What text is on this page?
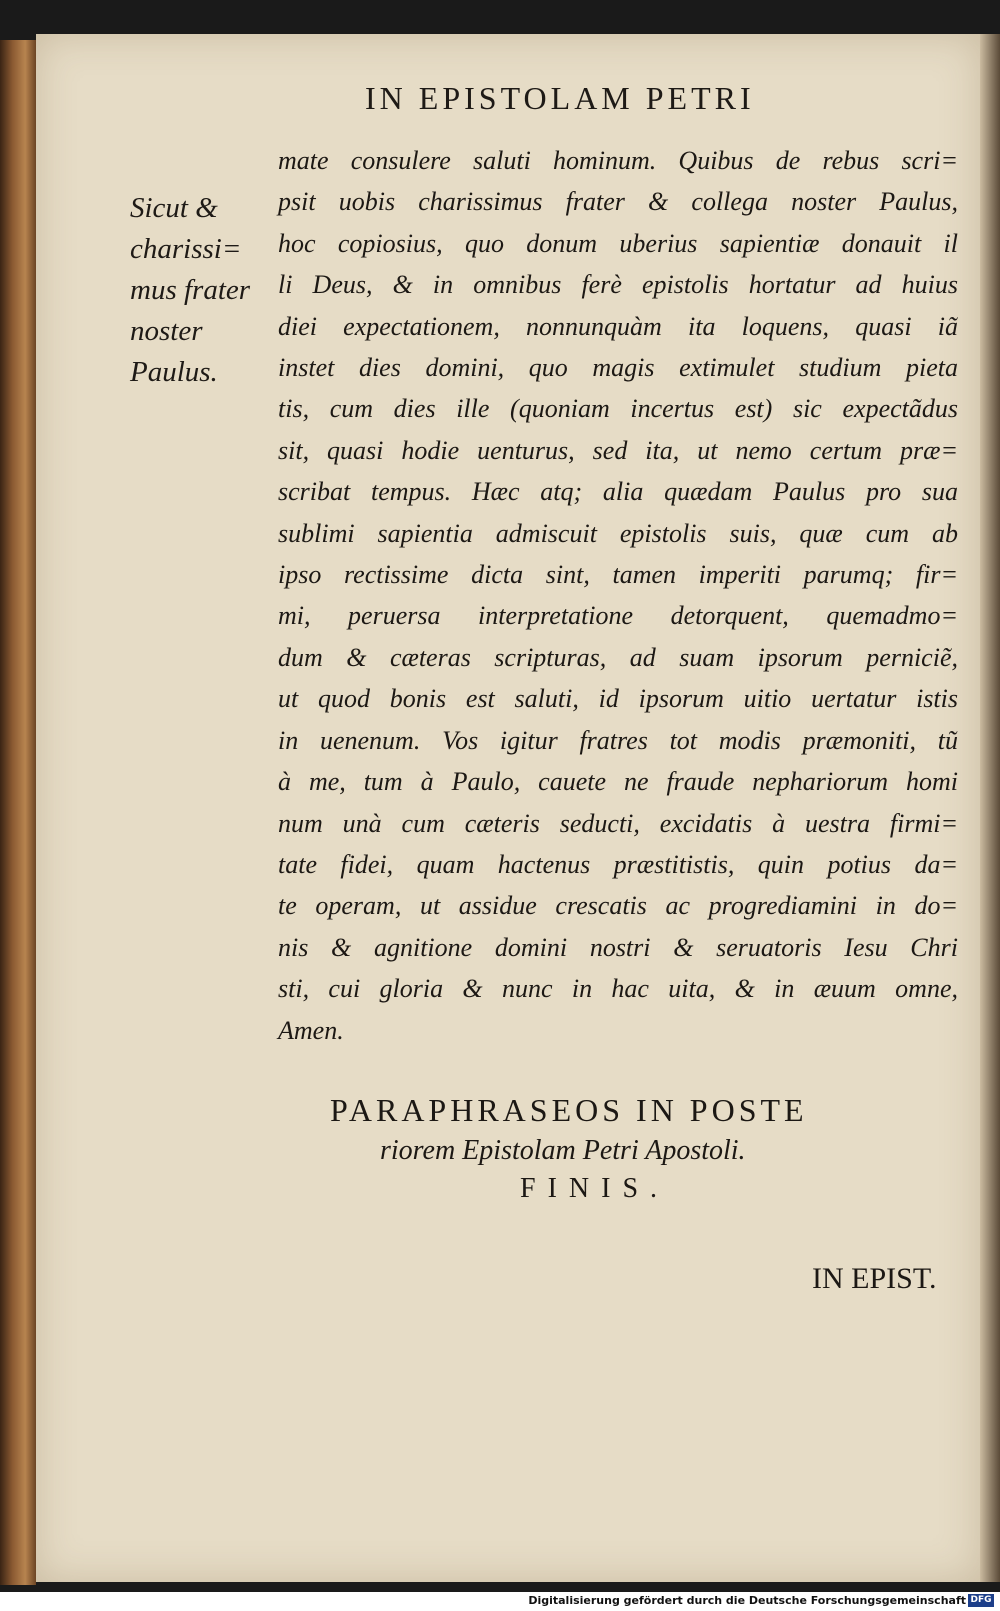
IN EPISTOLAM PETRI
Sicut &
charissi=
mus frater
noster
Paulus.
mate consulere saluti hominum. Quibus de rebus scri=
psit uobis charissimus frater & collega noster Paulus,
hoc copiosius, quo donum uberius sapientiæ donauit il
li Deus, & in omnibus ferè epistolis hortatur ad huius
diei expectationem, nonnunquàm ita loquens, quasi iã
instet dies domini, quo magis extimulet studium pieta
tis, cum dies ille (quoniam incertus est) sic expectãdus
sit, quasi hodie uenturus, sed ita, ut nemo certum præ=
scribat tempus. Hæc atq; alia quædam Paulus pro sua
sublimi sapientia admiscuit epistolis suis, quæ cum ab
ipso rectissime dicta sint, tamen imperiti parumq; fir=
mi, peruersa interpretatione detorquent, quemadmo=
dum & cæteras scripturas, ad suam ipsorum perniciẽ,
ut quod bonis est saluti, id ipsorum uitio uertatur istis
in uenenum. Vos igitur fratres tot modis præmoniti, tũ
à me, tum à Paulo, cauete ne fraude nephariorum homi
num unà cum cæteris seducti, excidatis à uestra firmi=
tate fidei, quam hactenus præstitistis, quin potius da=
te operam, ut assidue crescatis ac progrediamini in do=
nis & agnitione domini nostri & seruatoris Iesu Chri
sti, cui gloria & nunc in hac uita, & in æuum omne,
Amen.
PARAPHRASEOS IN POSTE
riorem Epistolam Petri Apostoli.
FINIS.
IN EPIST.
Digitalisierung gefördert durch die Deutsche Forschungsgemeinschaft DFG
